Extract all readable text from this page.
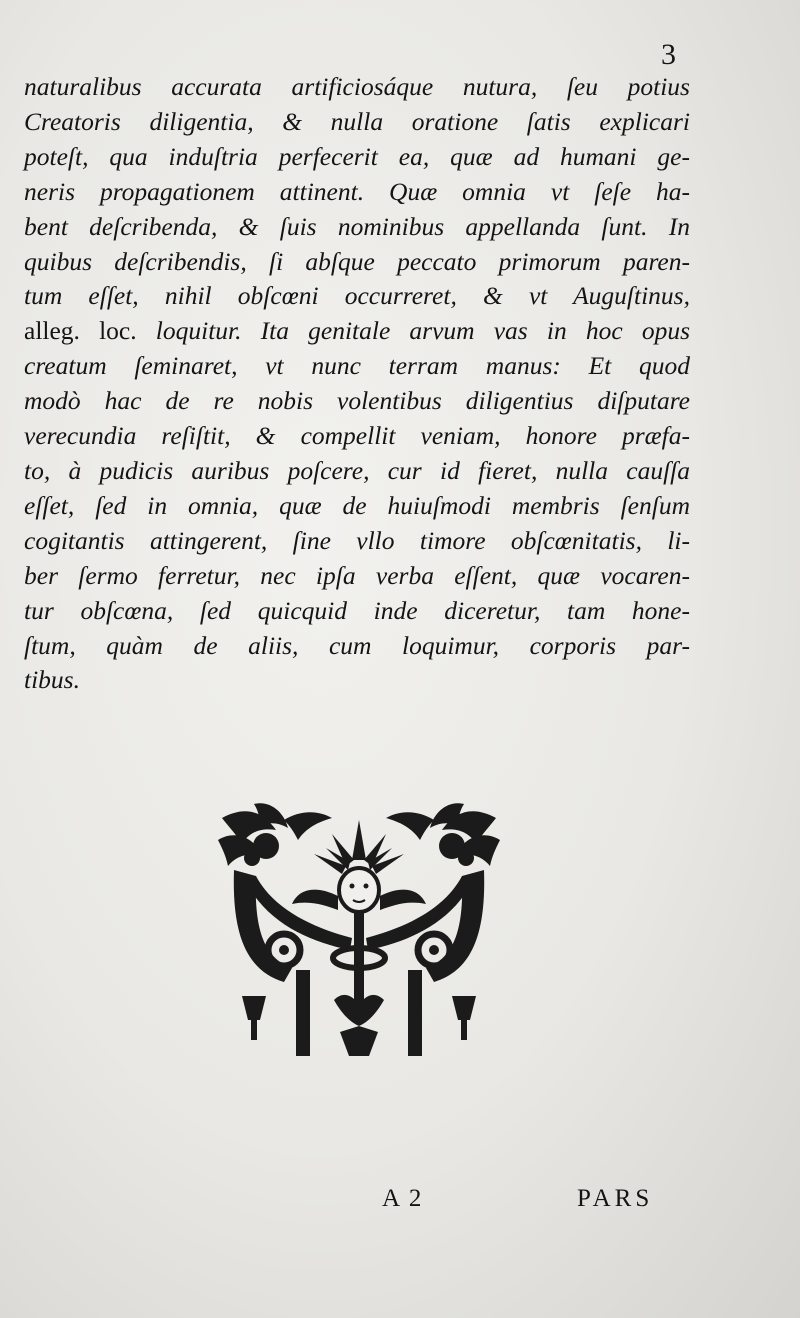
3
naturalibus accurata artificiosáque nutura, ſeu potius
Creatoris diligentia, & nulla oratione ſatis explicari
poteſt, qua induſtria perfecerit ea, quæ ad humani ge-
neris propagationem attinent. Quæ omnia vt ſeſe ha-
bent deſcribenda, & ſuis nominibus appellanda ſunt. In
quibus deſcribendis, ſi abſque peccato primorum paren-
tum eſſet, nihil obſcœni occurreret, & vt Auguſtinus,
alleg. loc. loquitur. Ita genitale arvum vas in hoc opus
creatum ſeminaret, vt nunc terram manus: Et quod
modò hac de re nobis volentibus diligentius diſputare
verecundia reſiſtit, & compellit veniam, honore præfa-
to, à pudicis auribus poſcere, cur id fieret, nulla cauſſa
eſſet, ſed in omnia, quæ de huiuſmodi membris ſenſum
cogitantis attingerent, ſine vllo timore obſcœnitatis, li-
ber ſermo ferretur, nec ipſa verba eſſent, quæ vocaren-
tur obſcœna, ſed quicquid inde diceretur, tam hone-
ſtum, quàm de aliis, cum loquimur, corporis par-
tibus.
A 2	PARS
